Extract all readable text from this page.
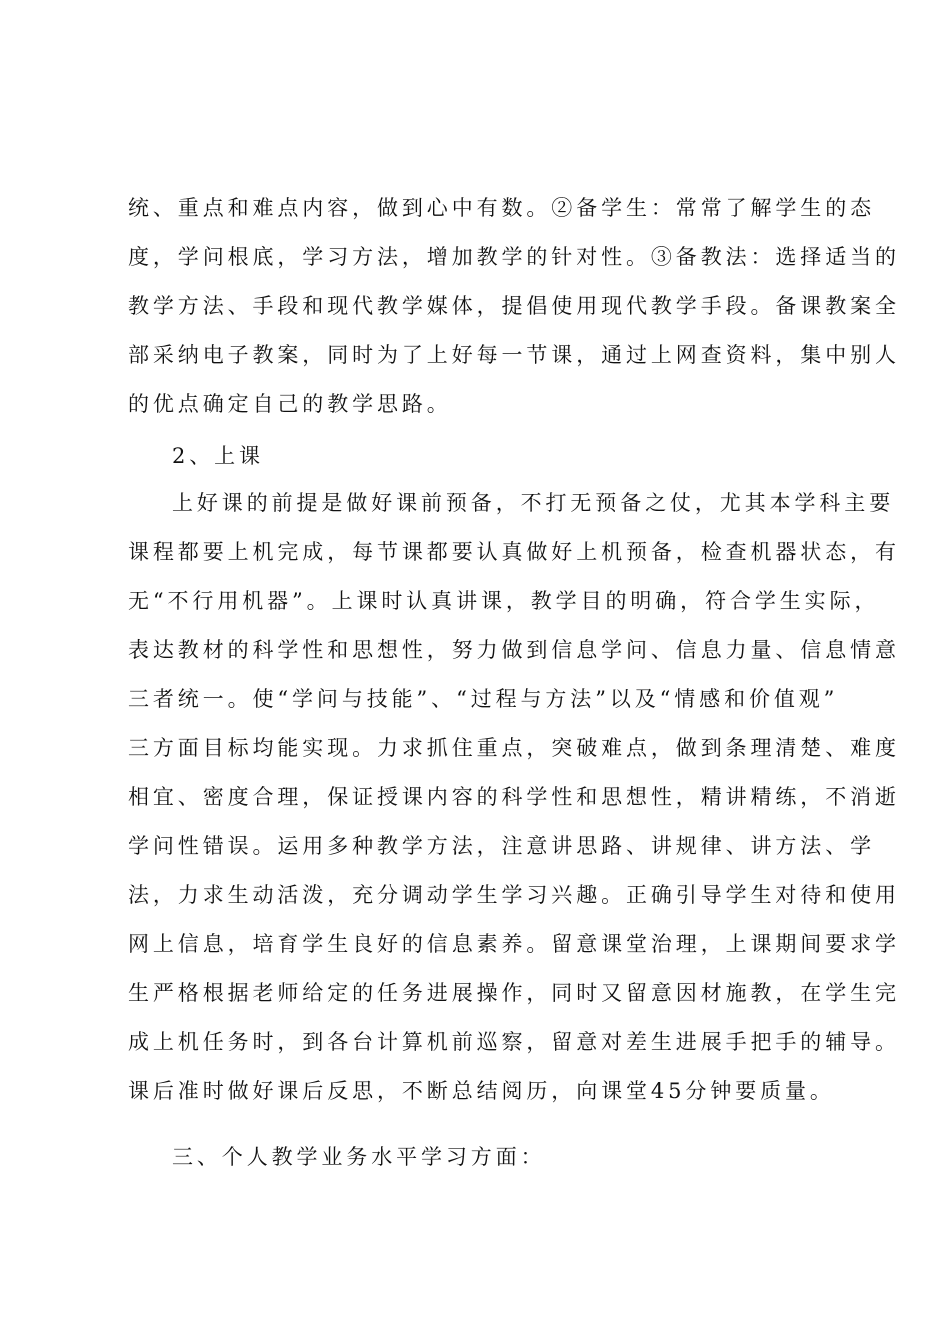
统、重点和难点内容，做到心中有数。②备学生：常常了解学生的态
度，学问根底，学习方法，增加教学的针对性。③备教法：选择适当的
教学方法、手段和现代教学媒体，提倡使用现代教学手段。备课教案全
部采纳电子教案，同时为了上好每一节课，通过上网查资料，集中别人
的优点确定自己的教学思路。
2、上课
上好课的前提是做好课前预备，不打无预备之仗，尤其本学科主要
课程都要上机完成，每节课都要认真做好上机预备，检查机器状态，有
无“不行用机器”。上课时认真讲课，教学目的明确，符合学生实际，
表达教材的科学性和思想性，努力做到信息学问、信息力量、信息情意
三者统一。使“学问与技能”、“过程与方法”以及“情感和价值观”
三方面目标均能实现。力求抓住重点，突破难点，做到条理清楚、难度
相宜、密度合理，保证授课内容的科学性和思想性，精讲精练，不消逝
学问性错误。运用多种教学方法，注意讲思路、讲规律、讲方法、学
法，力求生动活泼，充分调动学生学习兴趣。正确引导学生对待和使用
网上信息，培育学生良好的信息素养。留意课堂治理，上课期间要求学
生严格根据老师给定的任务进展操作，同时又留意因材施教，在学生完
成上机任务时，到各台计算机前巡察，留意对差生进展手把手的辅导。
课后准时做好课后反思，不断总结阅历，向课堂45分钟要质量。
三、个人教学业务水平学习方面：
